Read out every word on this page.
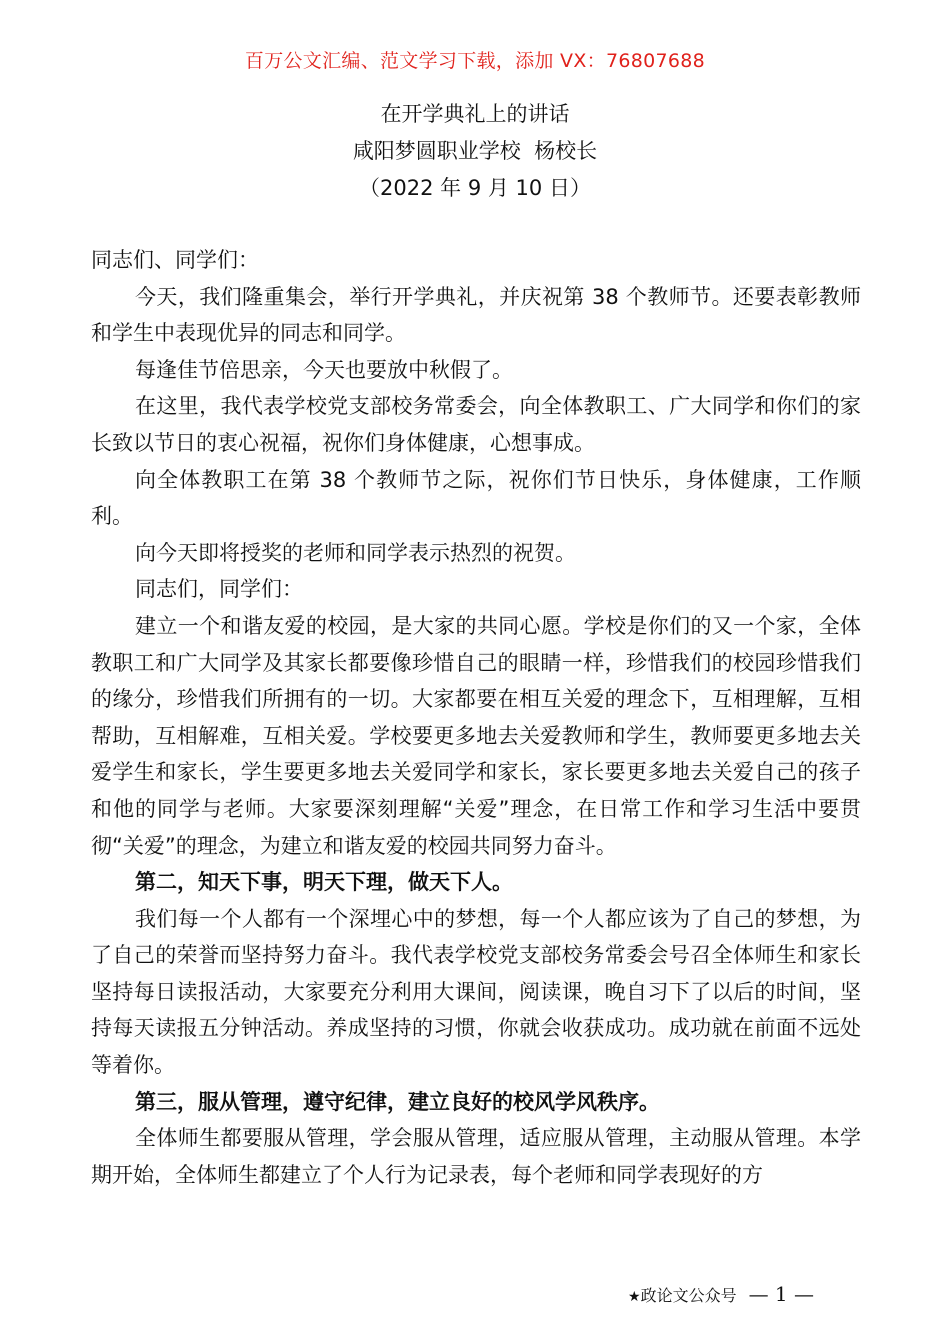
百万公文汇编、范文学习下载，添加 VX：76807688
在开学典礼上的讲话
咸阳梦圆职业学校  杨校长
（2022 年 9 月 10 日）

同志们、同学们：

今天，我们隆重集会，举行开学典礼，并庆祝第 38 个教师节。还要表彰教师和学生中表现优异的同志和同学。

每逢佳节倍思亲，今天也要放中秋假了。

在这里，我代表学校党支部校务常委会，向全体教职工、广大同学和你们的家长致以节日的衷心祝福，祝你们身体健康，心想事成。

向全体教职工在第 38 个教师节之际，祝你们节日快乐，身体健康，工作顺利。

向今天即将授奖的老师和同学表示热烈的祝贺。

同志们，同学们：

建立一个和谐友爱的校园，是大家的共同心愿。学校是你们的又一个家，全体教职工和广大同学及其家长都要像珍惜自己的眼睛一样，珍惜我们的校园珍惜我们的缘分，珍惜我们所拥有的一切。大家都要在相互关爱的理念下，互相理解，互相帮助，互相解难，互相关爱。学校要更多地去关爱教师和学生，教师要更多地去关爱学生和家长，学生要更多地去关爱同学和家长，家长要更多地去关爱自己的孩子和他的同学与老师。大家要深刻理解“关爱”理念，在日常工作和学习生活中要贯彻“关爱”的理念，为建立和谐友爱的校园共同努力奋斗。

第二，知天下事，明天下理，做天下人。

我们每一个人都有一个深埋心中的梦想，每一个人都应该为了自己的梦想，为了自己的荣誉而坚持努力奋斗。我代表学校党支部校务常委会号召全体师生和家长坚持每日读报活动，大家要充分利用大课间，阅读课，晚自习下了以后的时间，坚持每天读报五分钟活动。养成坚持的习惯，你就会收获成功。成功就在前面不远处等着你。

第三，服从管理，遵守纪律，建立良好的校风学风秩序。

全体师生都要服从管理，学会服从管理，适应服从管理，主动服从管理。本学期开始，全体师生都建立了个人行为记录表，每个老师和同学表现好的方

★政论文公众号 — 1 —
